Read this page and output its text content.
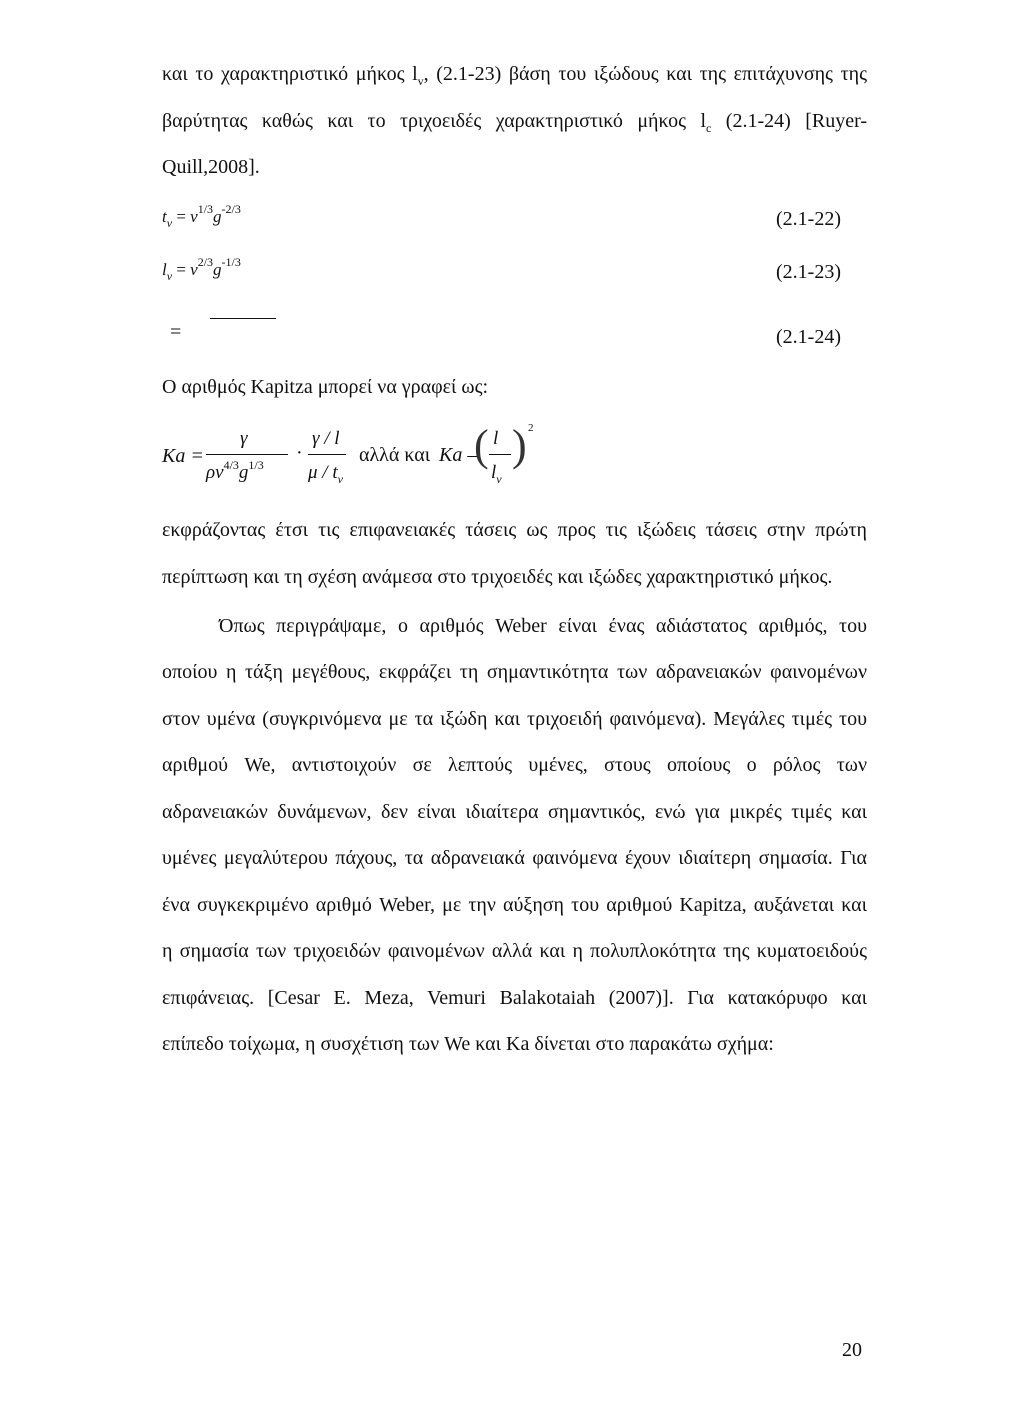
και το χαρακτηριστικό μήκος $l_v$, (2.1-23) βάση του ιξώδους και της επιτάχυνσης της
βαρύτητας καθώς και το τριχοειδές χαρακτηριστικό μήκος $l_c$ (2.1-24) [Ruyer-
Quill,2008].
$t_v = v^{1/3}g^{-2/3}$	(2.1-22)
$l_v = v^{2/3}g^{-1/3}$	(2.1-23)
=	(2.1-24)
Ο αριθμός Kapitza μπορεί να γραφεί ως:
Ka =
γ
$\rho\nu^{4/3}g^{1/3}$
·
γ / l
μ / $t_v$
αλλά και Ka –
( l
$l_v$
) 2
εκφράζοντας έτσι τις επιφανειακές τάσεις ως προς τις ιξώδεις τάσεις στην πρώτη
περίπτωση και τη σχέση ανάμεσα στο τριχοειδές και ιξώδες χαρακτηριστικό μήκος.
Όπως περιγράψαμε, ο αριθμός Weber είναι ένας αδιάστατος αριθμός, του
οποίου η τάξη μεγέθους, εκφράζει τη σημαντικότητα των αδρανειακών φαινομένων
στον υμένα (συγκρινόμενα με τα ιξώδη και τριχοειδή φαινόμενα). Μεγάλες τιμές του
αριθμού We, αντιστοιχούν σε λεπτούς υμένες, στους οποίους ο ρόλος των
αδρανειακών δυνάμενων, δεν είναι ιδιαίτερα σημαντικός, ενώ για μικρές τιμές και
υμένες μεγαλύτερου πάχους, τα αδρανειακά φαινόμενα έχουν ιδιαίτερη σημασία. Για
ένα συγκεκριμένο αριθμό Weber, με την αύξηση του αριθμού Kapitza, αυξάνεται και
η σημασία των τριχοειδών φαινομένων αλλά και η πολυπλοκότητα της κυματοειδούς
επιφάνειας. [Cesar E. Meza, Vemuri Balakotaiah (2007)]. Για κατακόρυφο και
επίπεδο τοίχωμα, η συσχέτιση των We και Ka δίνεται στο παρακάτω σχήμα:
20
